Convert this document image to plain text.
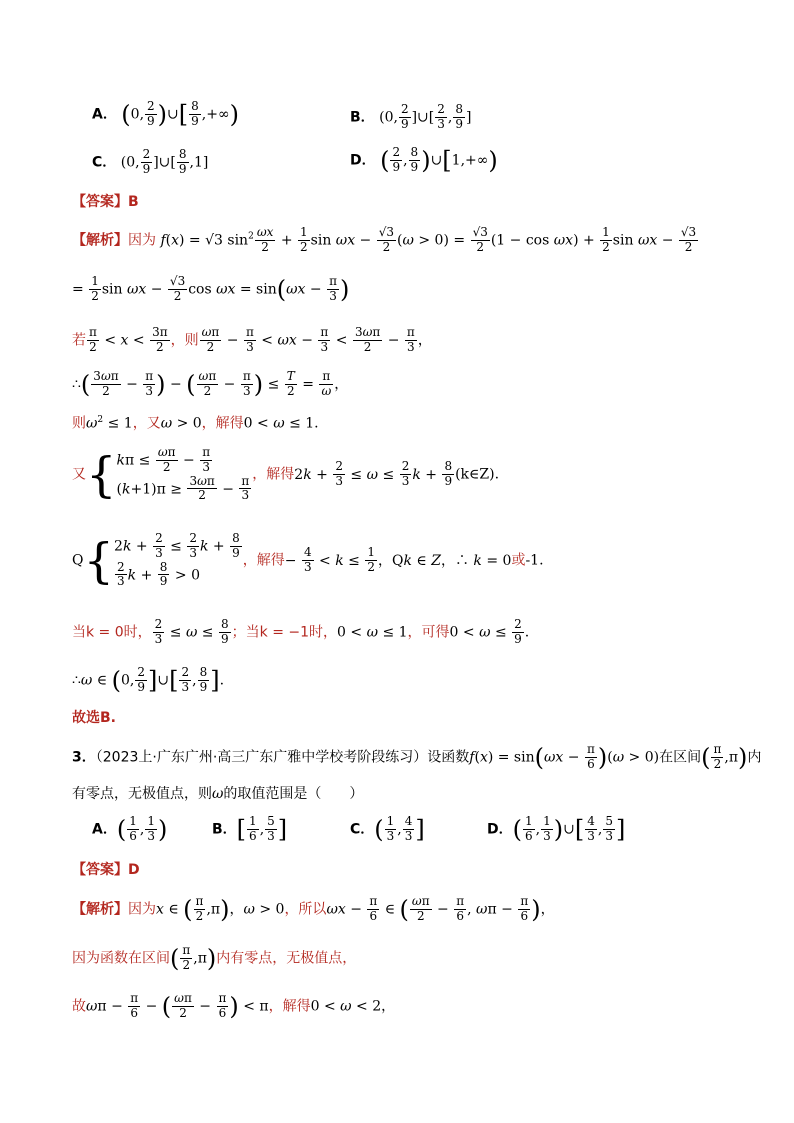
A． (0, $\frac{2}{9}$ )∪[ $\frac{8}{9}$ ,+∞)	B． (0, $\frac{2}{9}$ ]∪[ $\frac{2}{3}$ , $\frac{8}{9}$ ]
C． (0, $\frac{2}{9}$ ]∪[ $\frac{8}{9} ,1$]	D． ( $\frac{2}{9}$ , $\frac{8}{9}$ )∪[1,+∞)
【答案】B
【解析】因为 f(x) = √3 $\sin^2 \frac{\omega x}{2} + \frac{1}{2}$ $\sin \omega x - \frac{√3}{2} (\omega > 0) = \frac{√3}{2} (1 - \cos \omega x) + \frac{1}{2}$ $\sin \omega x - \frac{√3}{2}$
= $\frac{1}{2}$ $\sin \omega x - \frac{√3}{2}$ $\cos \omega x = \sin(\omega x - \frac{\pi}{3}$ )
若 $\frac{\pi}{2} < x < \frac{3\pi}{2}$ ，则 $\frac{\omega\pi}{2} - \frac{\pi}{3} < \omega x - \frac{\pi}{3} < \frac{3\omega\pi}{2} - \frac{\pi}{3}$ ，
∴( $\frac{3\omega\pi}{2} - \frac{\pi}{3}$ ) − ( $\frac{\omega\pi}{2} - \frac{\pi}{3}$ ) ≤ $\frac{T}{2} = \frac{\pi}{\omega}$ ，
则$\omega^2 \le 1$，又ω > 0，解得0 < ω ≤ 1.
又{ $k\pi \le \frac{\omega\pi}{2} - \frac{\pi}{3}$
$(k+1)\pi \ge \frac{3\omega\pi}{2} - \frac{\pi}{3}$ ，解得$2k + \frac{2}{3} \le \omega \le \frac{2}{3}$ $k + \frac{8}{9}$ (k∈Z).
Q{ $2k + \frac{2}{3} \le \frac{2}{3}$ $k + \frac{8}{9}$
$\frac{2}{3}$ $k + \frac{8}{9} > 0$
，解得− $\frac{4}{3} < k \le \frac{1}{2}$ ，Qk ∈ Z，∴ k = 0或-1.
当k = 0时， $\frac{2}{3} \le \omega \le \frac{8}{9}$ ；当k = −1时，0 < ω ≤ 1，可得$0 < \omega \le \frac{2}{9}$ .
∴ω ∈ (0, $\frac{2}{9}$ ]∪[ $\frac{2}{3}$ , $\frac{8}{9}$ ].
故选B.
3．（2023上·广东广州·高三广东广雅中学校考阶段练习）设函数$f(x) = \sin(\omega x - \frac{\pi}{6} )(\omega > 0)$在区间( $\frac{\pi}{2} ,\pi$)内
有零点，无极值点，则ω的取值范围是（　　）
A．( $\frac{1}{6}$ , $\frac{1}{3}$ )	B．[ $\frac{1}{6}$ , $\frac{5}{3}$ ]	C．( $\frac{1}{3}$ , $\frac{4}{3}$ ]	D．( $\frac{1}{6}$ , $\frac{1}{3}$ )∪[ $\frac{4}{3}$ , $\frac{5}{3}$ ]
【答案】D
【解析】因为x ∈ ( $\frac{\pi}{2} ,\pi$)，ω > 0，所以$\omega x - \frac{\pi}{6}$ ∈ ( $\frac{\omega\pi}{2} - \frac{\pi}{6}$ , $\omega\pi - \frac{\pi}{6}$ )，
因为函数在区间( $\frac{\pi}{2} ,\pi$)内有零点，无极值点，
故$\omega\pi - \frac{\pi}{6}$ − ( $\frac{\omega\pi}{2} - \frac{\pi}{6}$ ) < π，解得0 < ω < 2，
